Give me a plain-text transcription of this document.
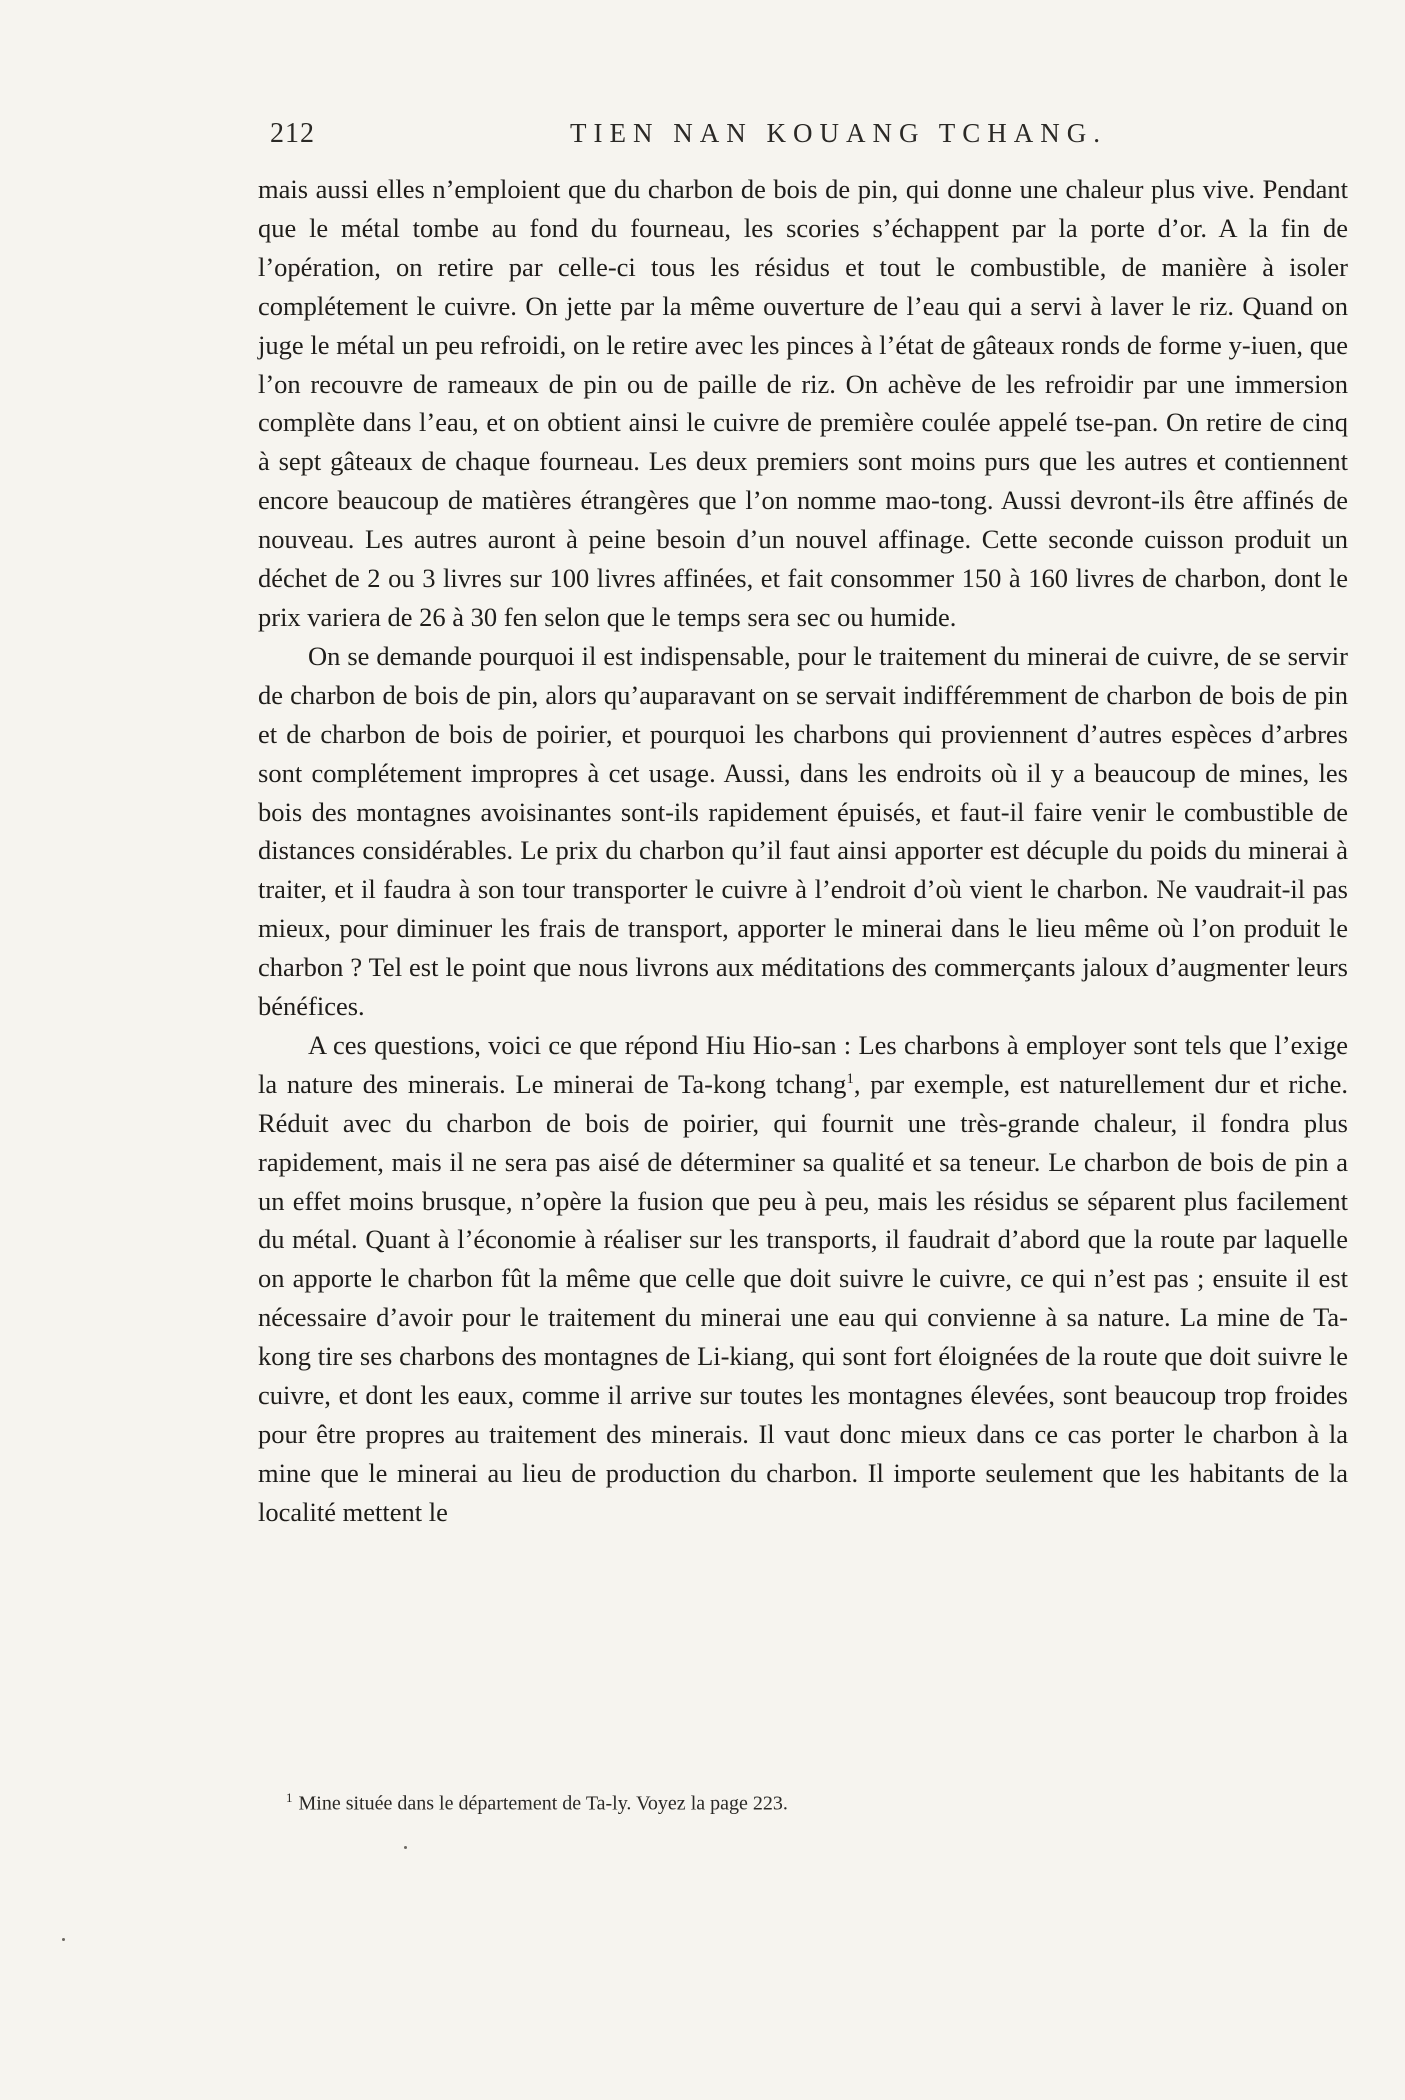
212	TIEN NAN KOUANG TCHANG.

mais aussi elles n’emploient que du charbon de bois de pin, qui donne une chaleur plus vive. Pendant que le métal tombe au fond du fourneau, les scories s’échappent par la porte d’or. A la fin de l’opération, on retire par celle-ci tous les résidus et tout le combustible, de manière à isoler complétement le cuivre. On jette par la même ouverture de l’eau qui a servi à laver le riz. Quand on juge le métal un peu refroidi, on le retire avec les pinces à l’état de gâteaux ronds de forme y-iuen, que l’on recouvre de rameaux de pin ou de paille de riz. On achève de les refroidir par une immersion complète dans l’eau, et on obtient ainsi le cuivre de première coulée appelé tse-pan. On retire de cinq à sept gâteaux de chaque fourneau. Les deux premiers sont moins purs que les autres et contiennent encore beaucoup de matières étrangères que l’on nomme mao-tong. Aussi devront-ils être affinés de nouveau. Les autres auront à peine besoin d’un nouvel affinage. Cette seconde cuisson produit un déchet de 2 ou 3 livres sur 100 livres affinées, et fait consommer 150 à 160 livres de charbon, dont le prix variera de 26 à 30 fen selon que le temps sera sec ou humide.

On se demande pourquoi il est indispensable, pour le traitement du minerai de cuivre, de se servir de charbon de bois de pin, alors qu’auparavant on se servait indifféremment de charbon de bois de pin et de charbon de bois de poirier, et pourquoi les charbons qui proviennent d’autres espèces d’arbres sont complétement impropres à cet usage. Aussi, dans les endroits où il y a beaucoup de mines, les bois des montagnes avoisinantes sont-ils rapidement épuisés, et faut-il faire venir le combustible de distances considérables. Le prix du charbon qu’il faut ainsi apporter est décuple du poids du minerai à traiter, et il faudra à son tour transporter le cuivre à l’endroit d’où vient le charbon. Ne vaudrait-il pas mieux, pour diminuer les frais de transport, apporter le minerai dans le lieu même où l’on produit le charbon ? Tel est le point que nous livrons aux méditations des commerçants jaloux d’augmenter leurs bénéfices.

A ces questions, voici ce que répond Hiu Hio-san : Les charbons à employer sont tels que l’exige la nature des minerais. Le minerai de Ta-kong tchang$^1$, par exemple, est naturellement dur et riche. Réduit avec du charbon de bois de poirier, qui fournit une très-grande chaleur, il fondra plus rapidement, mais il ne sera pas aisé de déterminer sa qualité et sa teneur. Le charbon de bois de pin a un effet moins brusque, n’opère la fusion que peu à peu, mais les résidus se séparent plus facilement du métal. Quant à l’économie à réaliser sur les transports, il faudrait d’abord que la route par laquelle on apporte le charbon fût la même que celle que doit suivre le cuivre, ce qui n’est pas ; ensuite il est nécessaire d’avoir pour le traitement du minerai une eau qui convienne à sa nature. La mine de Ta-kong tire ses charbons des montagnes de Li-kiang, qui sont fort éloignées de la route que doit suivre le cuivre, et dont les eaux, comme il arrive sur toutes les montagnes élevées, sont beaucoup trop froides pour être propres au traitement des minerais. Il vaut donc mieux dans ce cas porter le charbon à la mine que le minerai au lieu de production du charbon. Il importe seulement que les habitants de la localité mettent le

$^1$ Mine située dans le département de Ta-ly. Voyez la page 223.
